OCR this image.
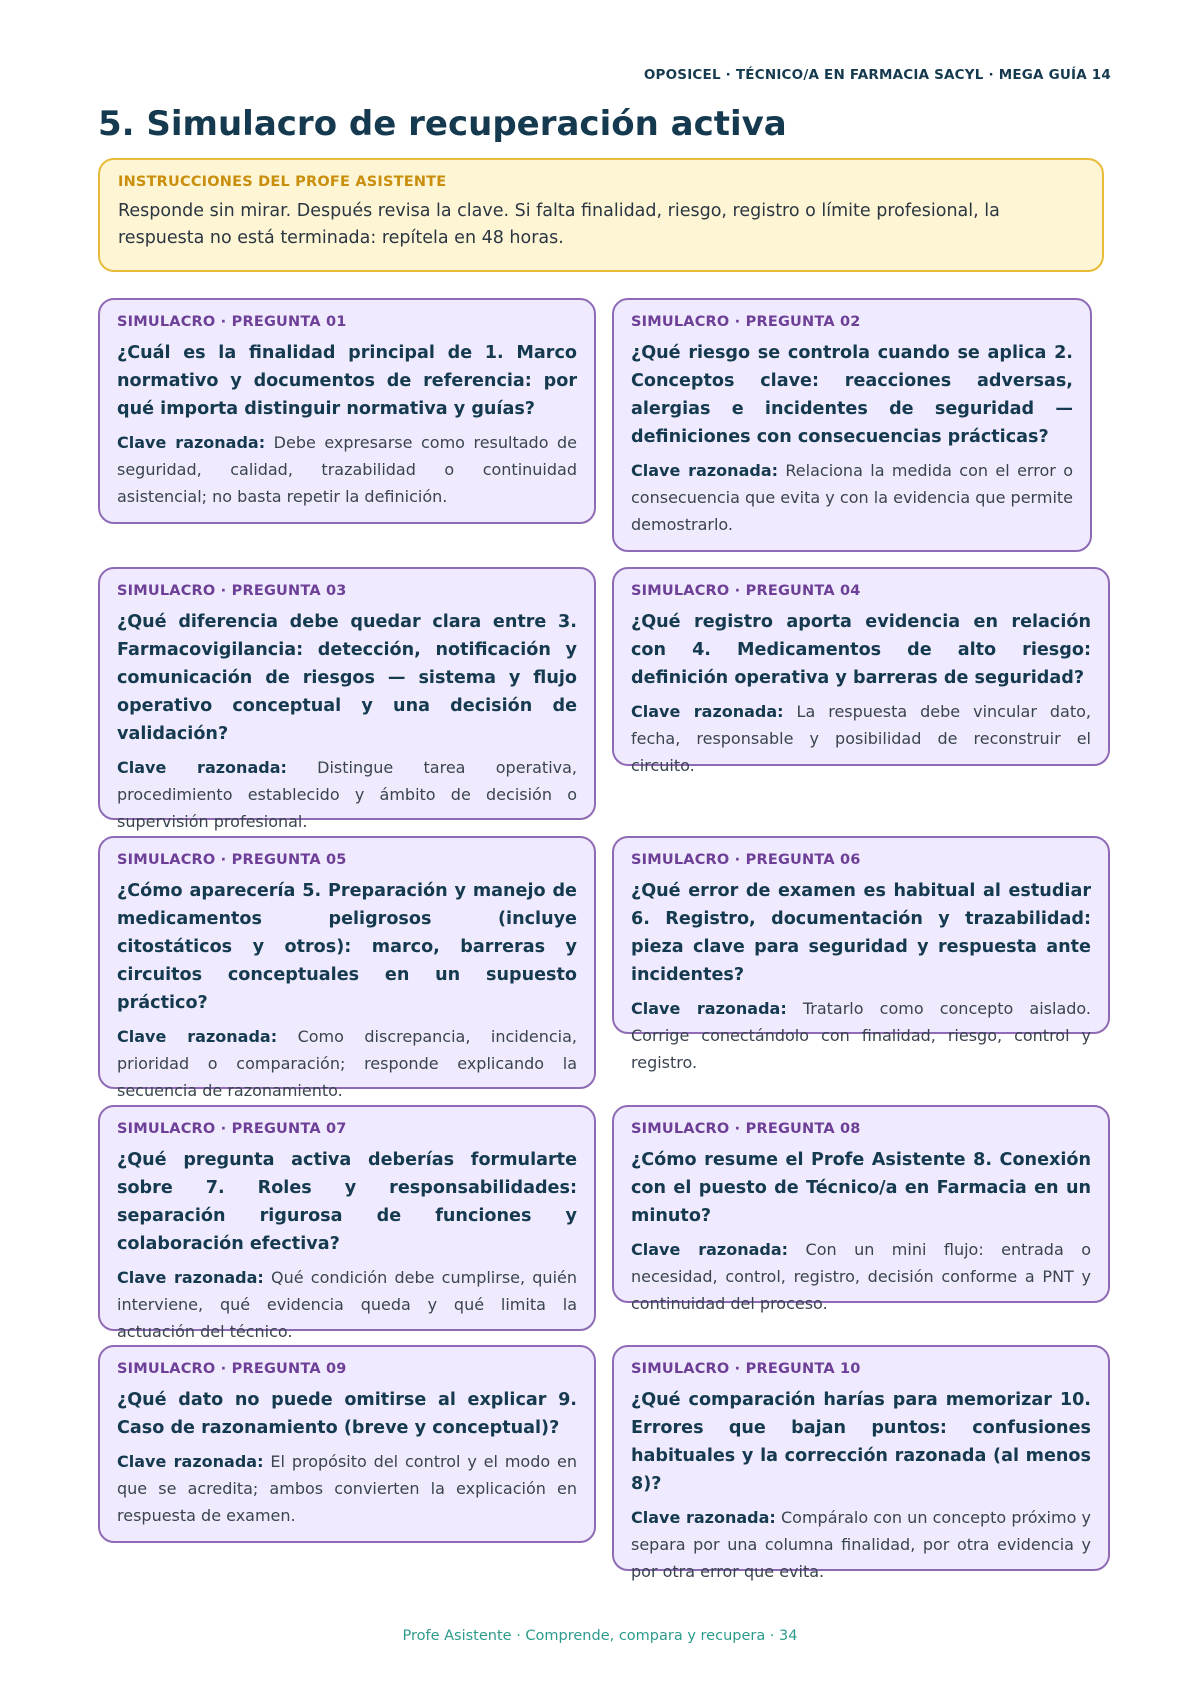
OPOSICEL · TÉCNICO/A EN FARMACIA SACYL · MEGA GUÍA 14
5. Simulacro de recuperación activa
INSTRUCCIONES DEL PROFE ASISTENTE

Responde sin mirar. Después revisa la clave. Si falta finalidad, riesgo, registro o límite profesional, la respuesta no está terminada: repítela en 48 horas.

SIMULACRO · PREGUNTA 01

¿Cuál es la finalidad principal de 1. Marco normativo y documentos de referencia: por qué importa distinguir normativa y guías?

Clave razonada: Debe expresarse como resultado de seguridad, calidad, trazabilidad o continuidad asistencial; no basta repetir la definición.

SIMULACRO · PREGUNTA 02

¿Qué riesgo se controla cuando se aplica 2. Conceptos clave: reacciones adversas, alergias e incidentes de seguridad — definiciones con consecuencias prácticas?

Clave razonada: Relaciona la medida con el error o consecuencia que evita y con la evidencia que permite demostrarlo.

SIMULACRO · PREGUNTA 03

¿Qué diferencia debe quedar clara entre 3. Farmacovigilancia: detección, notificación y comunicación de riesgos — sistema y flujo operativo conceptual y una decisión de validación?

Clave razonada: Distingue tarea operativa, procedimiento establecido y ámbito de decisión o supervisión profesional.

SIMULACRO · PREGUNTA 04

¿Qué registro aporta evidencia en relación con 4. Medicamentos de alto riesgo: definición operativa y barreras de seguridad?

Clave razonada: La respuesta debe vincular dato, fecha, responsable y posibilidad de reconstruir el circuito.

SIMULACRO · PREGUNTA 05

¿Cómo aparecería 5. Preparación y manejo de medicamentos peligrosos (incluye citostáticos y otros): marco, barreras y circuitos conceptuales en un supuesto práctico?

Clave razonada: Como discrepancia, incidencia, prioridad o comparación; responde explicando la secuencia de razonamiento.

SIMULACRO · PREGUNTA 06

¿Qué error de examen es habitual al estudiar 6. Registro, documentación y trazabilidad: pieza clave para seguridad y respuesta ante incidentes?

Clave razonada: Tratarlo como concepto aislado. Corrige conectándolo con finalidad, riesgo, control y registro.

SIMULACRO · PREGUNTA 07

¿Qué pregunta activa deberías formularte sobre 7. Roles y responsabilidades: separación rigurosa de funciones y colaboración efectiva?

Clave razonada: Qué condición debe cumplirse, quién interviene, qué evidencia queda y qué limita la actuación del técnico.

SIMULACRO · PREGUNTA 08

¿Cómo resume el Profe Asistente 8. Conexión con el puesto de Técnico/a en Farmacia en un minuto?

Clave razonada: Con un mini flujo: entrada o necesidad, control, registro, decisión conforme a PNT y continuidad del proceso.

SIMULACRO · PREGUNTA 09

¿Qué dato no puede omitirse al explicar 9. Caso de razonamiento (breve y conceptual)?

Clave razonada: El propósito del control y el modo en que se acredita; ambos convierten la explicación en respuesta de examen.

SIMULACRO · PREGUNTA 10

¿Qué comparación harías para memorizar 10. Errores que bajan puntos: confusiones habituales y la corrección razonada (al menos 8)?

Clave razonada: Compáralo con un concepto próximo y separa por una columna finalidad, por otra evidencia y por otra error que evita.

Profe Asistente · Comprende, compara y recupera · 34
